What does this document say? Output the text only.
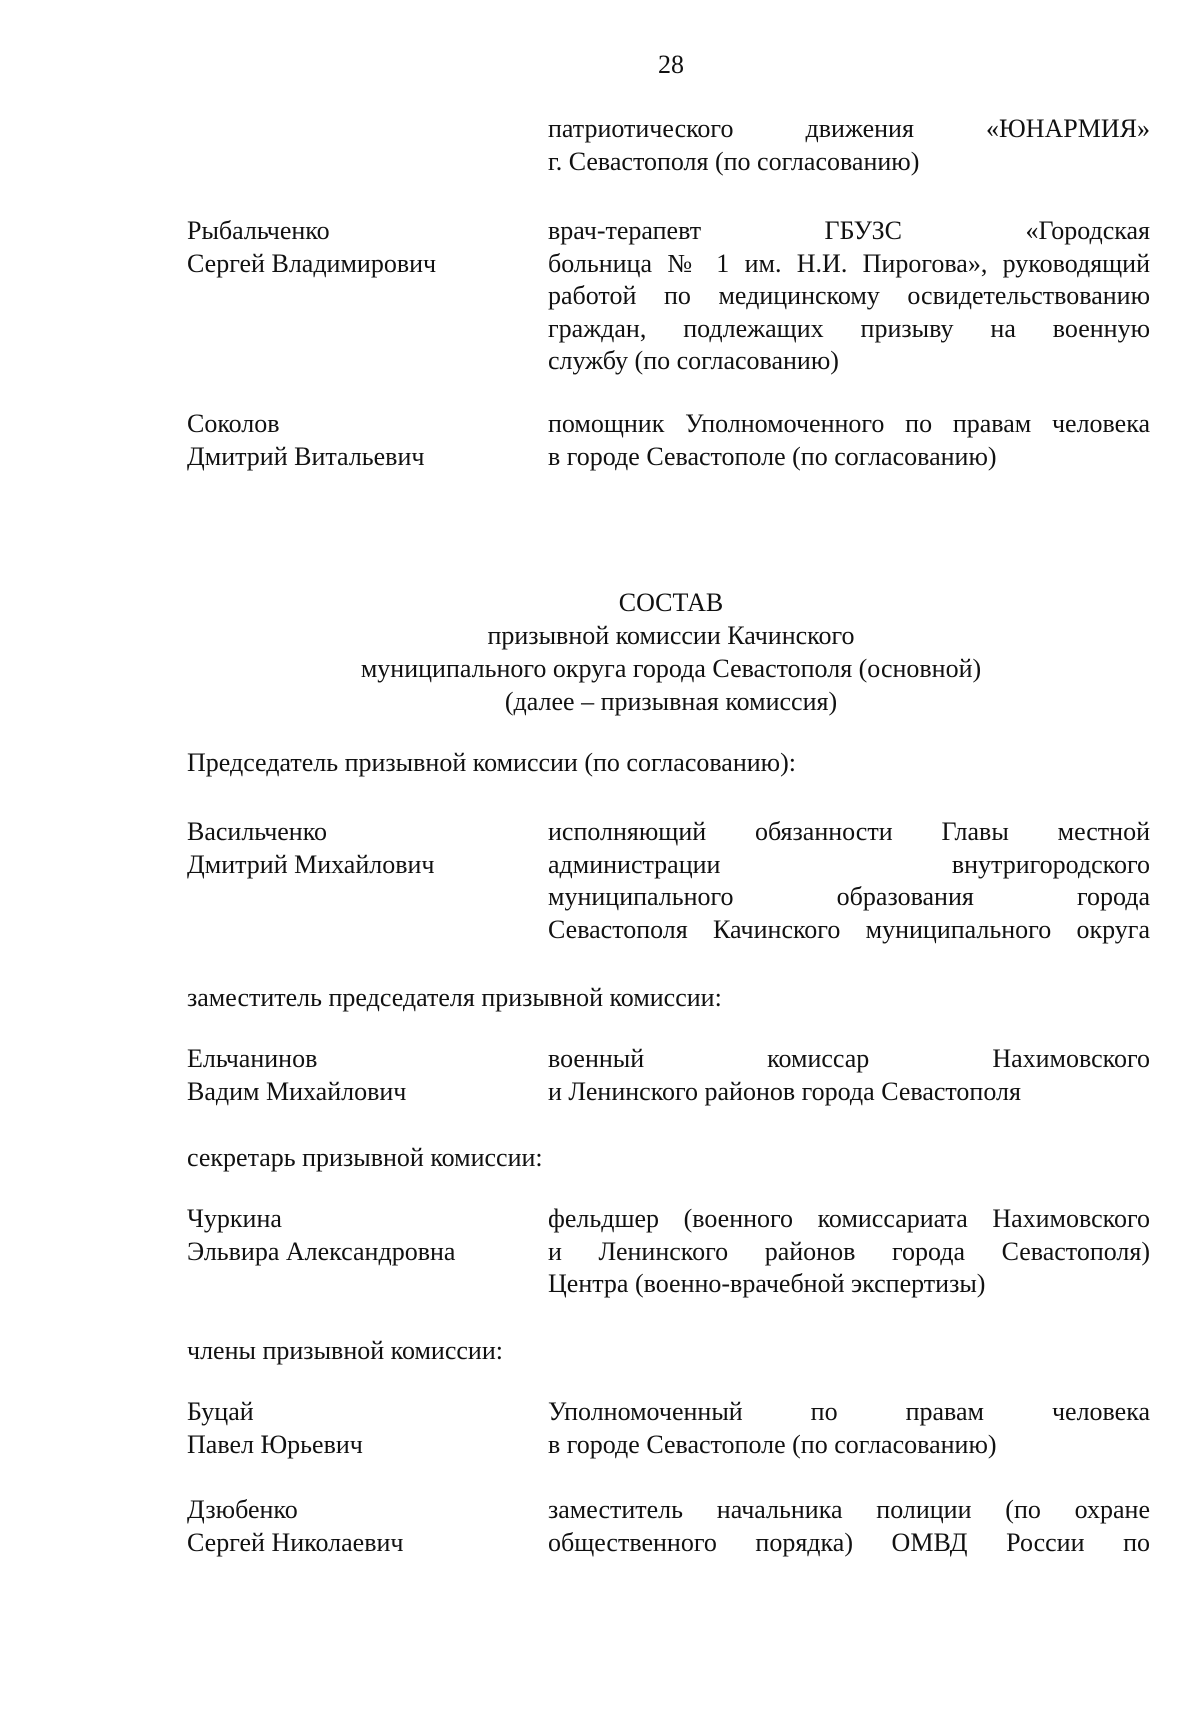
28
патриотического движения «ЮНАРМИЯ»
г. Севастополя (по согласованию)
Рыбальченко
Сергей Владимирович
врач-терапевт ГБУЗС «Городская
больница № 1 им. Н.И. Пирогова», руководящий
работой по медицинскому освидетельствованию
граждан, подлежащих призыву на военную
службу (по согласованию)
Соколов
Дмитрий Витальевич
помощник Уполномоченного по правам человека
в городе Севастополе (по согласованию)
СОСТАВ
призывной комиссии Качинского
муниципального округа города Севастополя (основной)
(далее – призывная комиссия)
Председатель призывной комиссии (по согласованию):
Васильченко
Дмитрий Михайлович
исполняющий обязанности Главы местной
администрации внутригородского
муниципального образования города
Севастополя Качинского муниципального округа
заместитель председателя призывной комиссии:
Ельчанинов
Вадим Михайлович
военный комиссар Нахимовского
и Ленинского районов города Севастополя
секретарь призывной комиссии:
Чуркина
Эльвира Александровна
фельдшер (военного комиссариата Нахимовского
и Ленинского районов города Севастополя)
Центра (военно-врачебной экспертизы)
члены призывной комиссии:
Буцай
Павел Юрьевич
Уполномоченный по правам человека
в городе Севастополе (по согласованию)
Дзюбенко
Сергей Николаевич
заместитель начальника полиции (по охране
общественного порядка) ОМВД России по
